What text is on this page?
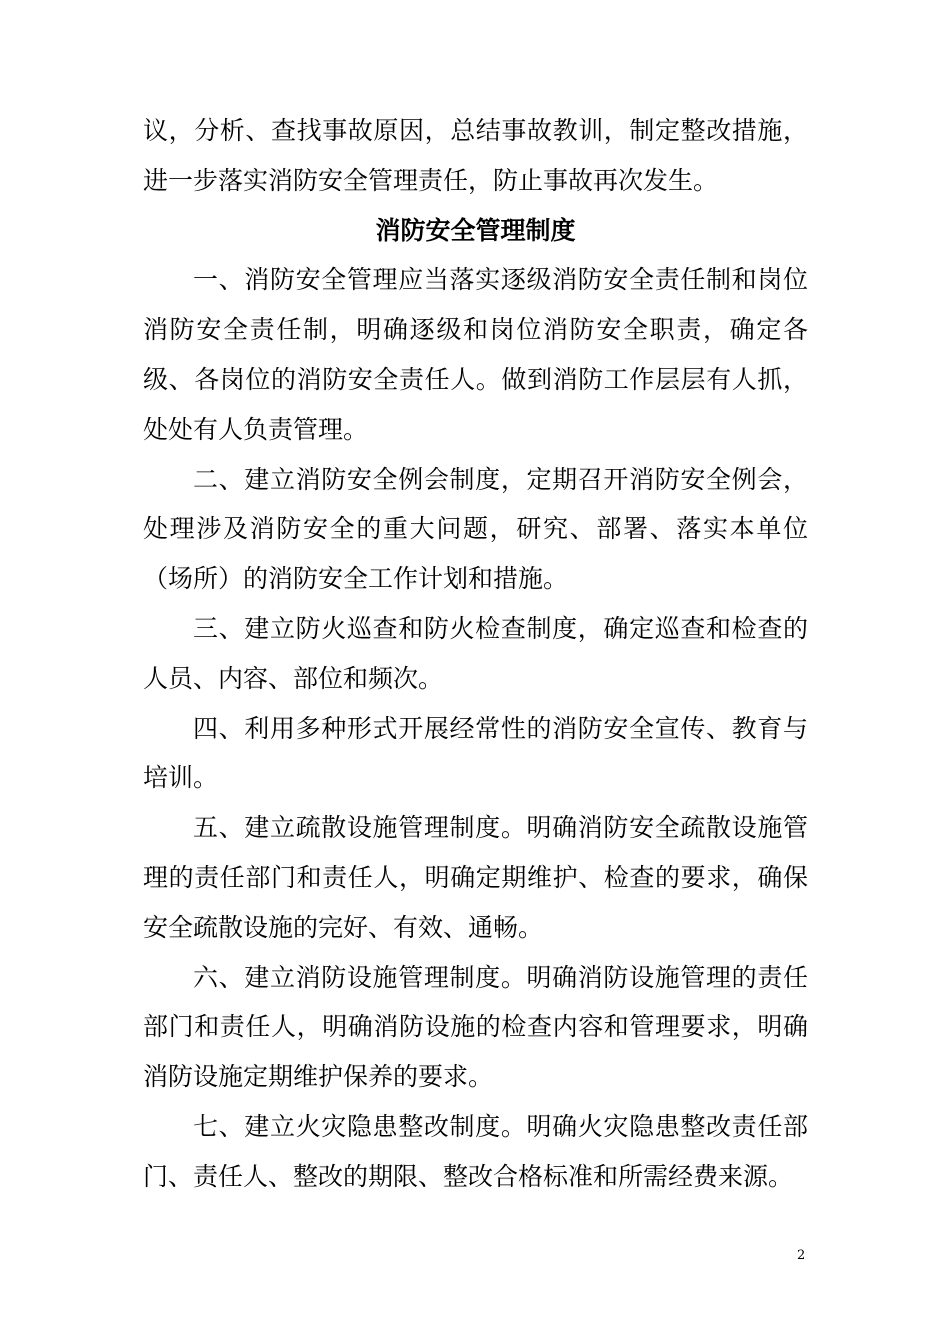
议，分析、查找事故原因，总结事故教训，制定整改措施，进一步落实消防安全管理责任，防止事故再次发生。

消防安全管理制度

一、消防安全管理应当落实逐级消防安全责任制和岗位消防安全责任制，明确逐级和岗位消防安全职责，确定各级、各岗位的消防安全责任人。做到消防工作层层有人抓，处处有人负责管理。

二、建立消防安全例会制度，定期召开消防安全例会，处理涉及消防安全的重大问题，研究、部署、落实本单位（场所）的消防安全工作计划和措施。

三、建立防火巡查和防火检查制度，确定巡查和检查的人员、内容、部位和频次。

四、利用多种形式开展经常性的消防安全宣传、教育与培训。

五、建立疏散设施管理制度。明确消防安全疏散设施管理的责任部门和责任人，明确定期维护、检查的要求，确保安全疏散设施的完好、有效、通畅。

六、建立消防设施管理制度。明确消防设施管理的责任部门和责任人，明确消防设施的检查内容和管理要求，明确消防设施定期维护保养的要求。

七、建立火灾隐患整改制度。明确火灾隐患整改责任部门、责任人、整改的期限、整改合格标准和所需经费来源。

2
